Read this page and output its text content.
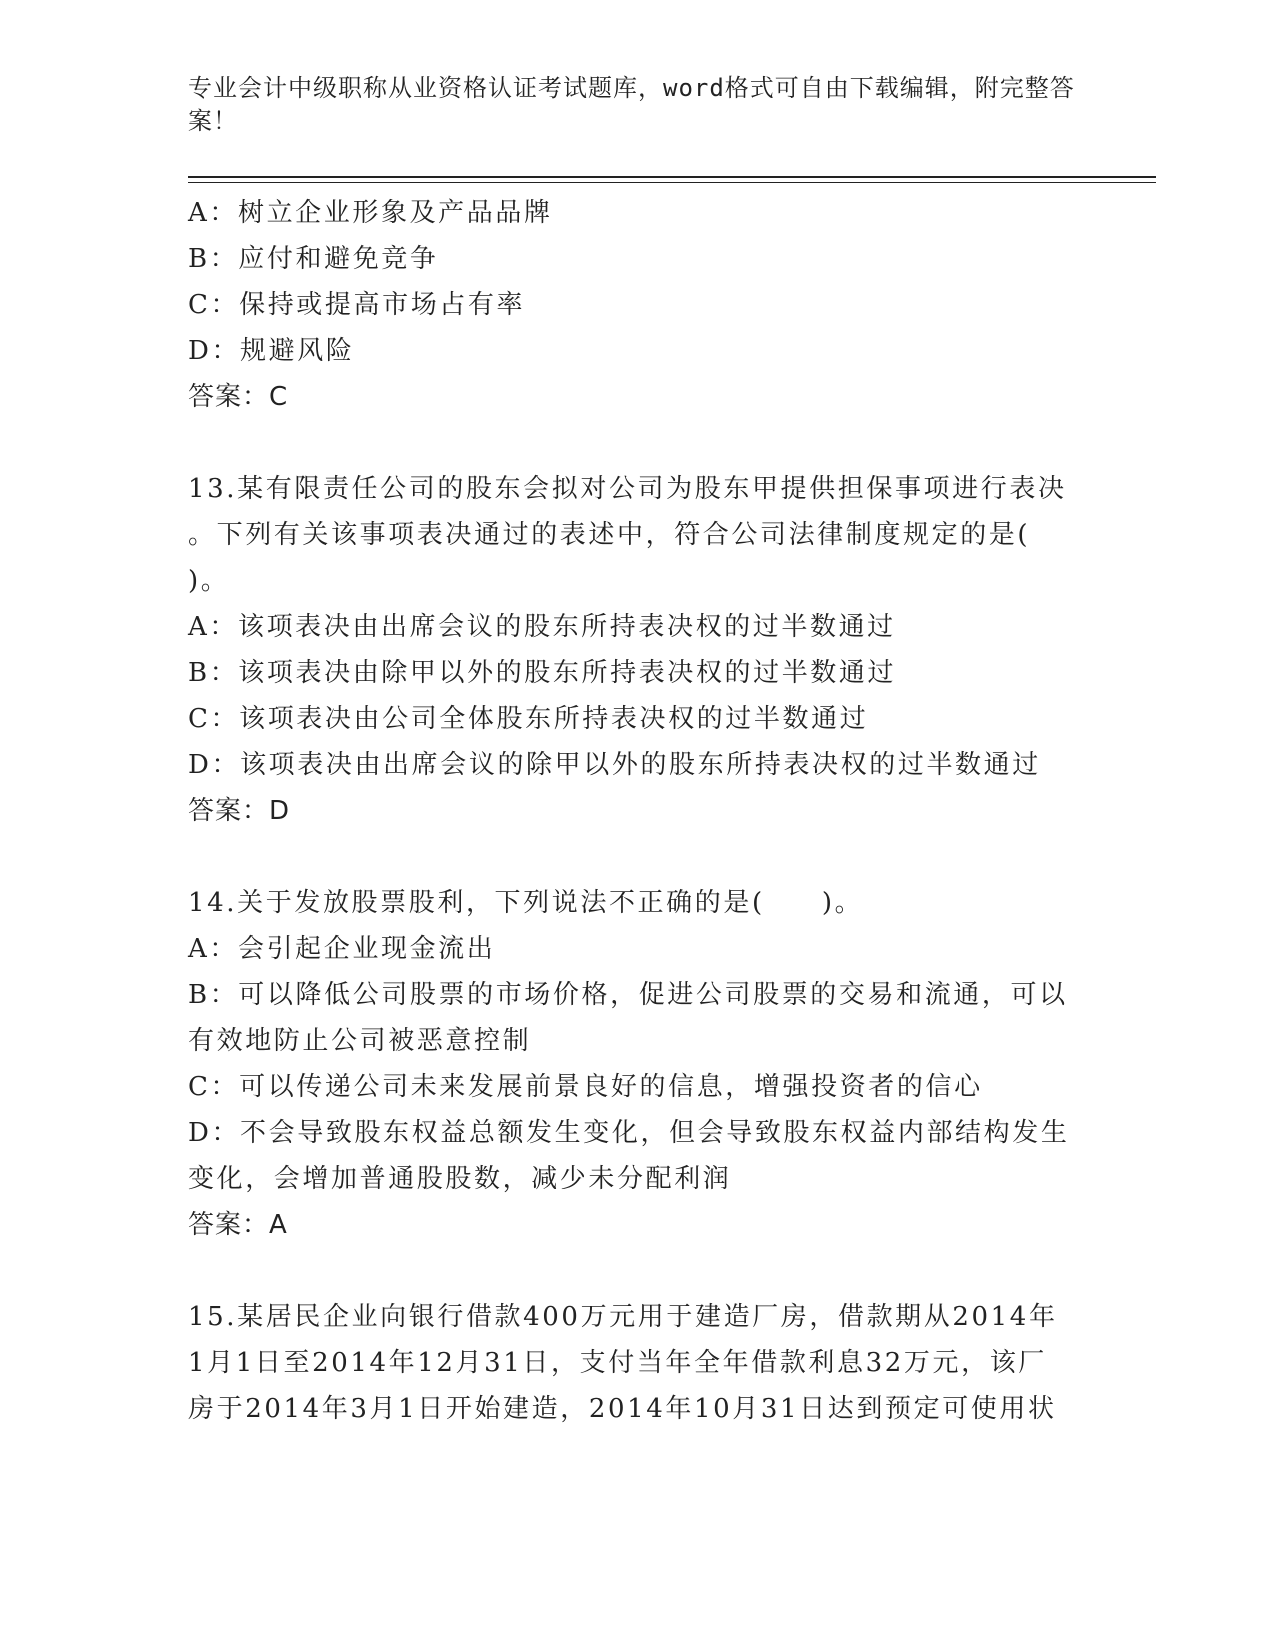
专业会计中级职称从业资格认证考试题库，word格式可自由下载编辑，附完整答
案！
A：树立企业形象及产品品牌
B：应付和避免竞争
C：保持或提高市场占有率
D：规避风险
答案：C
13.某有限责任公司的股东会拟对公司为股东甲提供担保事项进行表决
。下列有关该事项表决通过的表述中，符合公司法律制度规定的是(
)。
A：该项表决由出席会议的股东所持表决权的过半数通过
B：该项表决由除甲以外的股东所持表决权的过半数通过
C：该项表决由公司全体股东所持表决权的过半数通过
D：该项表决由出席会议的除甲以外的股东所持表决权的过半数通过
答案：D
14.关于发放股票股利，下列说法不正确的是(　　)。
A：会引起企业现金流出
B：可以降低公司股票的市场价格，促进公司股票的交易和流通，可以
有效地防止公司被恶意控制
C：可以传递公司未来发展前景良好的信息，增强投资者的信心
D：不会导致股东权益总额发生变化，但会导致股东权益内部结构发生
变化，会增加普通股股数，减少未分配利润
答案：A
15.某居民企业向银行借款400万元用于建造厂房，借款期从2014年
1月1日至2014年12月31日，支付当年全年借款利息32万元，该厂
房于2014年3月1日开始建造，2014年10月31日达到预定可使用状
